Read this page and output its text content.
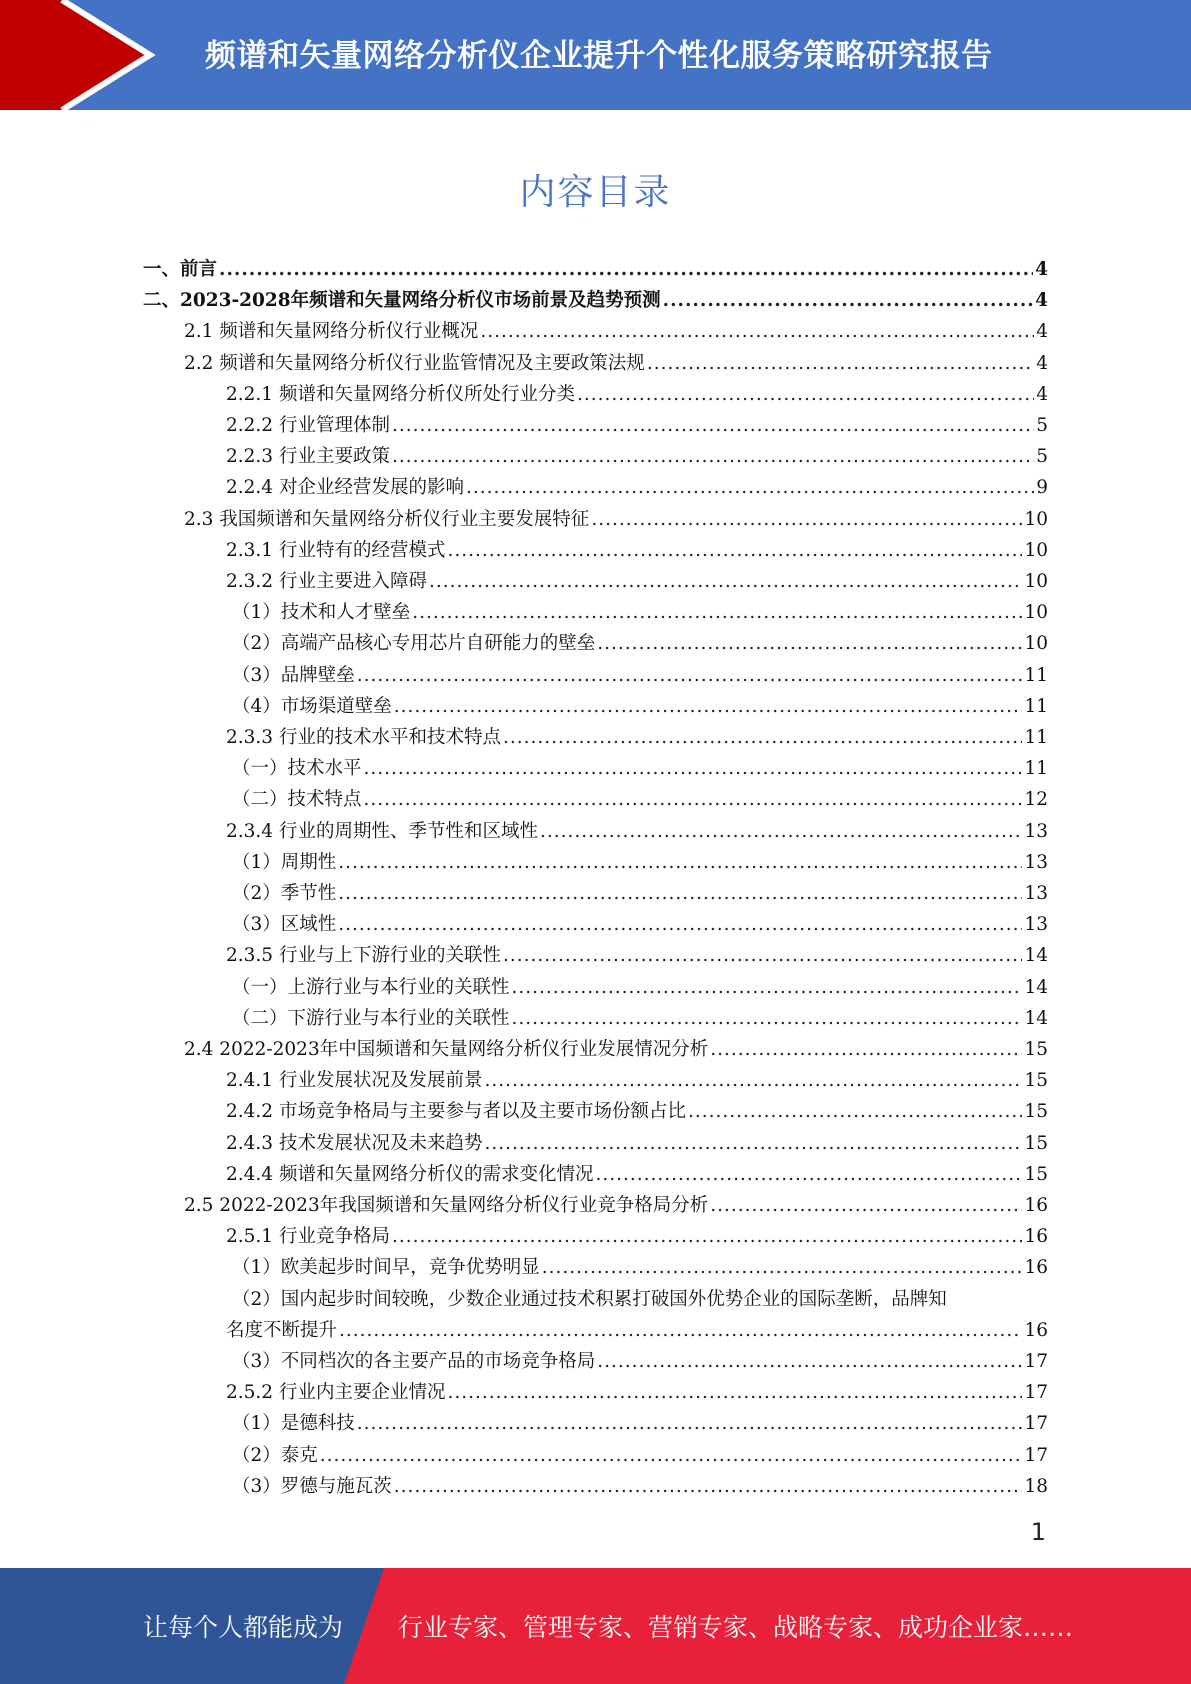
频谱和矢量网络分析仪企业提升个性化服务策略研究报告
内容目录
一、前言 .....	4
二、2023-2028年频谱和矢量网络分析仪市场前景及趋势预测 .....	4
2.1 频谱和矢量网络分析仪行业概况 .....	4
2.2 频谱和矢量网络分析仪行业监管情况及主要政策法规 .....	4
2.2.1 频谱和矢量网络分析仪所处行业分类 .....	4
2.2.2 行业管理体制 .....	5
2.2.3 行业主要政策 .....	5
2.2.4 对企业经营发展的影响 .....	9
2.3 我国频谱和矢量网络分析仪行业主要发展特征 .....	10
2.3.1 行业特有的经营模式 .....	10
2.3.2 行业主要进入障碍 .....	10
（1）技术和人才壁垒 .....	10
（2）高端产品核心专用芯片自研能力的壁垒 .....	10
（3）品牌壁垒 .....	11
（4）市场渠道壁垒 .....	11
2.3.3 行业的技术水平和技术特点 .....	11
（一）技术水平 .....	11
（二）技术特点 .....	12
2.3.4 行业的周期性、季节性和区域性 .....	13
（1）周期性 .....	13
（2）季节性 .....	13
（3）区域性 .....	13
2.3.5 行业与上下游行业的关联性 .....	14
（一）上游行业与本行业的关联性 .....	14
（二）下游行业与本行业的关联性 .....	14
2.4 2022-2023年中国频谱和矢量网络分析仪行业发展情况分析 .....	15
2.4.1 行业发展状况及发展前景 .....	15
2.4.2 市场竞争格局与主要参与者以及主要市场份额占比 .....	15
2.4.3 技术发展状况及未来趋势 .....	15
2.4.4 频谱和矢量网络分析仪的需求变化情况 .....	15
2.5 2022-2023年我国频谱和矢量网络分析仪行业竞争格局分析 .....	16
2.5.1 行业竞争格局 .....	16
（1）欧美起步时间早，竞争优势明显 .....	16
（2）国内起步时间较晚，少数企业通过技术积累打破国外优势企业的国际垄断，品牌知
名度不断提升 .....	16
（3）不同档次的各主要产品的市场竞争格局 .....	17
2.5.2 行业内主要企业情况 .....	17
（1）是德科技 .....	17
（2）泰克 .....	17
（3）罗德与施瓦茨 .....	18
1
让每个人都能成为 行业专家、管理专家、营销专家、战略专家、成功企业家……
